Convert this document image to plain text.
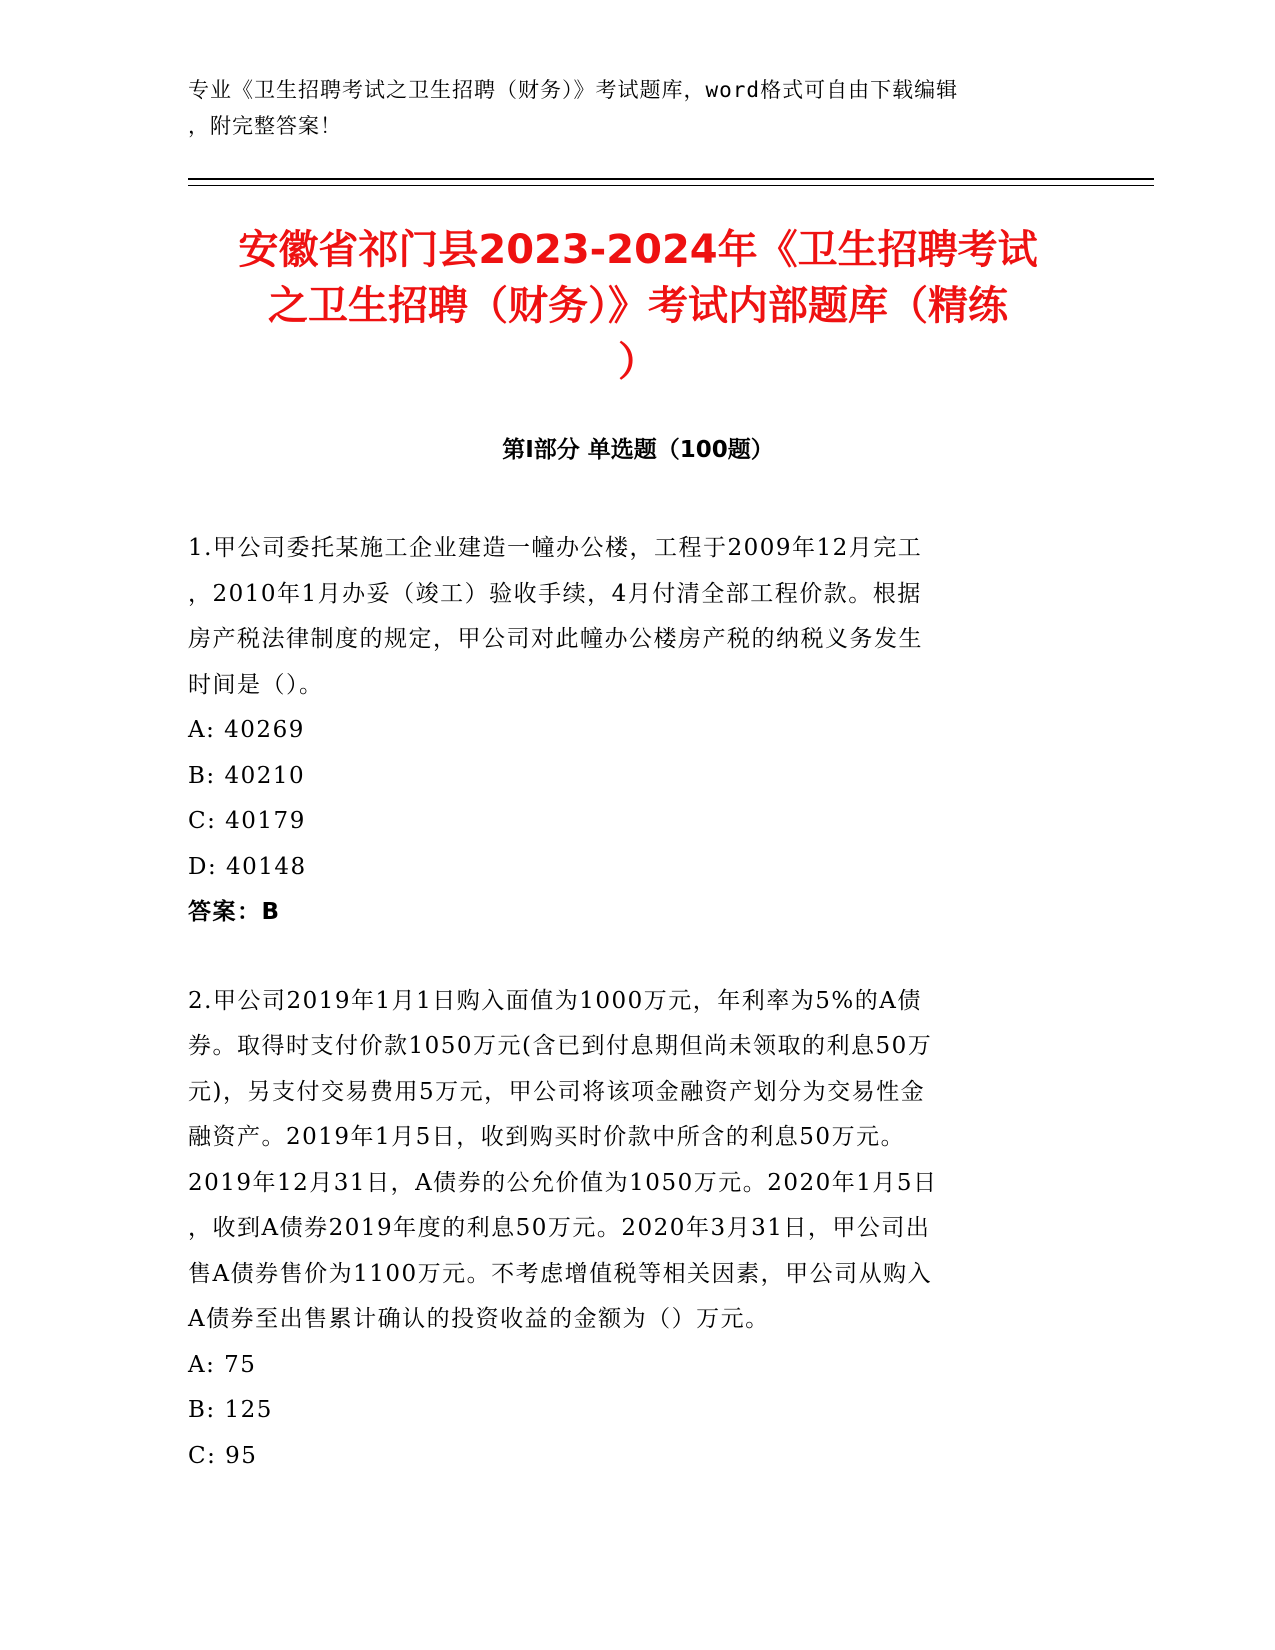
专业《卫生招聘考试之卫生招聘（财务）》考试题库，word格式可自由下载编辑
，附完整答案！
安徽省祁门县2023-2024年《卫生招聘考试
之卫生招聘（财务）》考试内部题库（精练
）
第I部分 单选题（100题）

1.甲公司委托某施工企业建造一幢办公楼，工程于2009年12月完工

，2010年1月办妥（竣工）验收手续，4月付清全部工程价款。根据

房产税法律制度的规定，甲公司对此幢办公楼房产税的纳税义务发生

时间是（）。

A: 40269

B: 40210

C: 40179

D: 40148

答案：B

2.甲公司2019年1月1日购入面值为1000万元，年利率为5%的A债

券。取得时支付价款1050万元(含已到付息期但尚未领取的利息50万

元)，另支付交易费用5万元，甲公司将该项金融资产划分为交易性金

融资产。2019年1月5日，收到购买时价款中所含的利息50万元。

2019年12月31日，A债券的公允价值为1050万元。2020年1月5日

，收到A债券2019年度的利息50万元。2020年3月31日，甲公司出

售A债券售价为1100万元。不考虑增值税等相关因素，甲公司从购入

A债券至出售累计确认的投资收益的金额为（）万元。

A: 75

B: 125

C: 95
